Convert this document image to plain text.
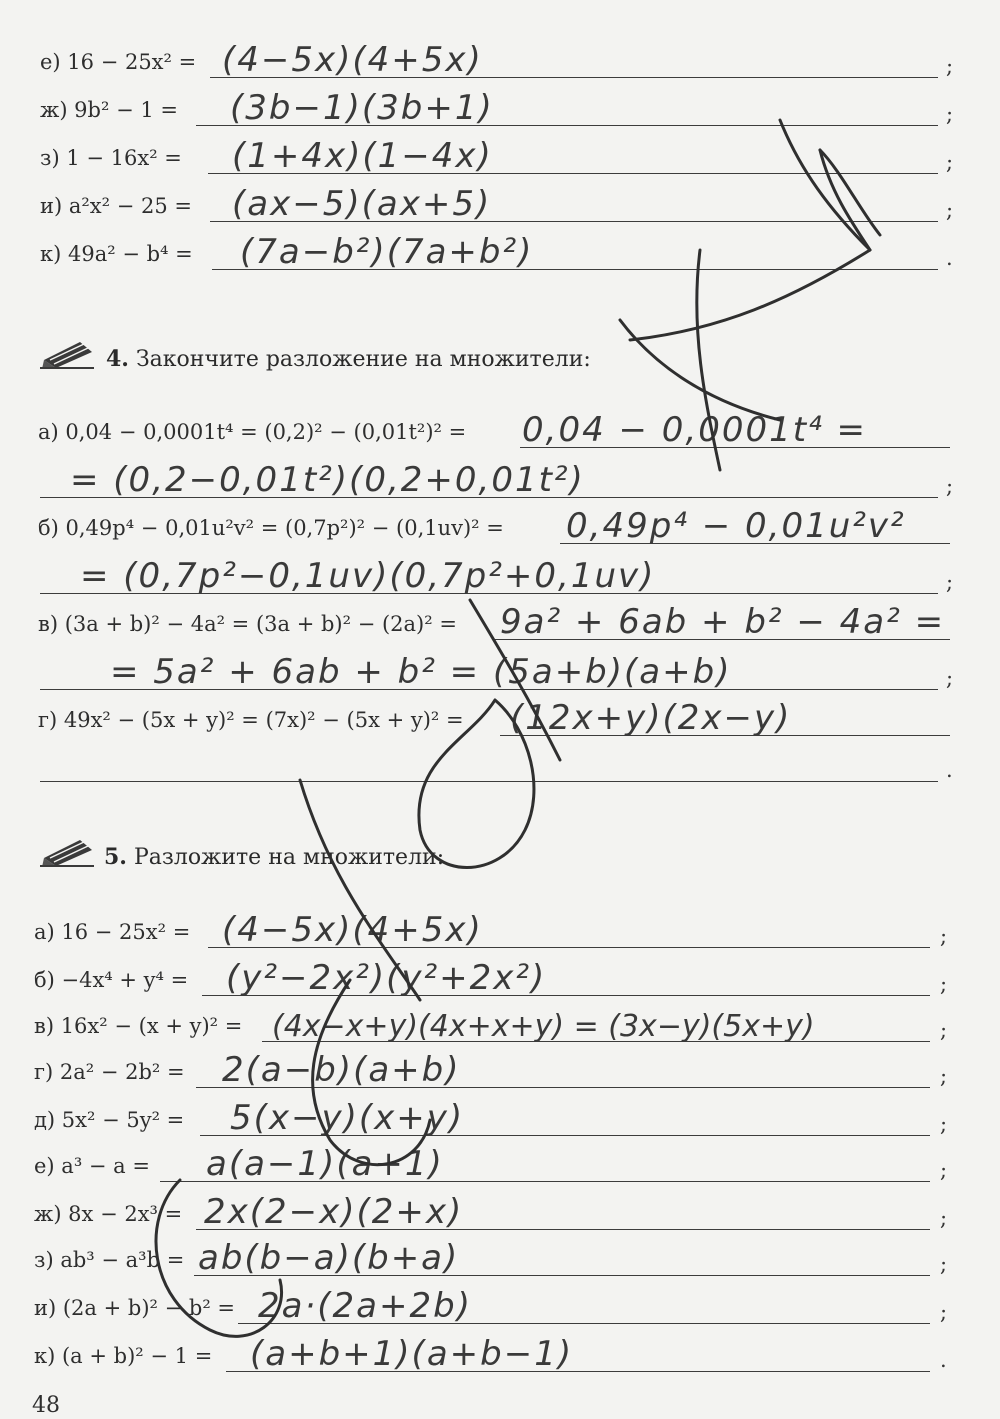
е) 16 − 25x² = (4−5x)(4+5x)	;
ж) 9b² − 1 = (3b−1)(3b+1)	;
з) 1 − 16x² = (1+4x)(1−4x)	;
и) a²x² − 25 = (ax−5)(ax+5)	;
к) 49a² − b⁴ = (7a−b²)(7a+b²)	.
4. Закончите разложение на множители:
а) 0,04 − 0,0001t⁴ = (0,2)² − (0,01t²)² = 0,04 − 0,0001t⁴ =
= (0,2−0,01t²)(0,2+0,01t²)	;
б) 0,49p⁴ − 0,01u²v² = (0,7p²)² − (0,1uv)² = 0,49p⁴ − 0,01u²v²
= (0,7p²−0,1uv)(0,7p²+0,1uv)	;
в) (3a + b)² − 4a² = (3a + b)² − (2a)² = 9a² + 6ab + b² − 4a² =
= 5a² + 6ab + b² = (5a+b)(a+b)	;
г) 49x² − (5x + y)² = (7x)² − (5x + y)² = (12x+y)(2x−y)
.
5. Разложите на множители:
а) 16 − 25x² = (4−5x)(4+5x)	;
б) −4x⁴ + y⁴ = (y²−2x²)(y²+2x²)	;
в) 16x² − (x + y)² = (4x−x+y)(4x+x+y) = (3x−y)(5x+y)	;
г) 2a² − 2b² = 2(a−b)(a+b)	;
д) 5x² − 5y² = 5(x−y)(x+y)	;
е) a³ − a = a(a−1)(a+1)	;
ж) 8x − 2x³ = 2x(2−x)(2+x)	;
з) ab³ − a³b = ab(b−a)(b+a)	;
и) (2a + b)² − b² = 2a·(2a+2b)	;
к) (a + b)² − 1 = (a+b+1)(a+b−1)	.
48
